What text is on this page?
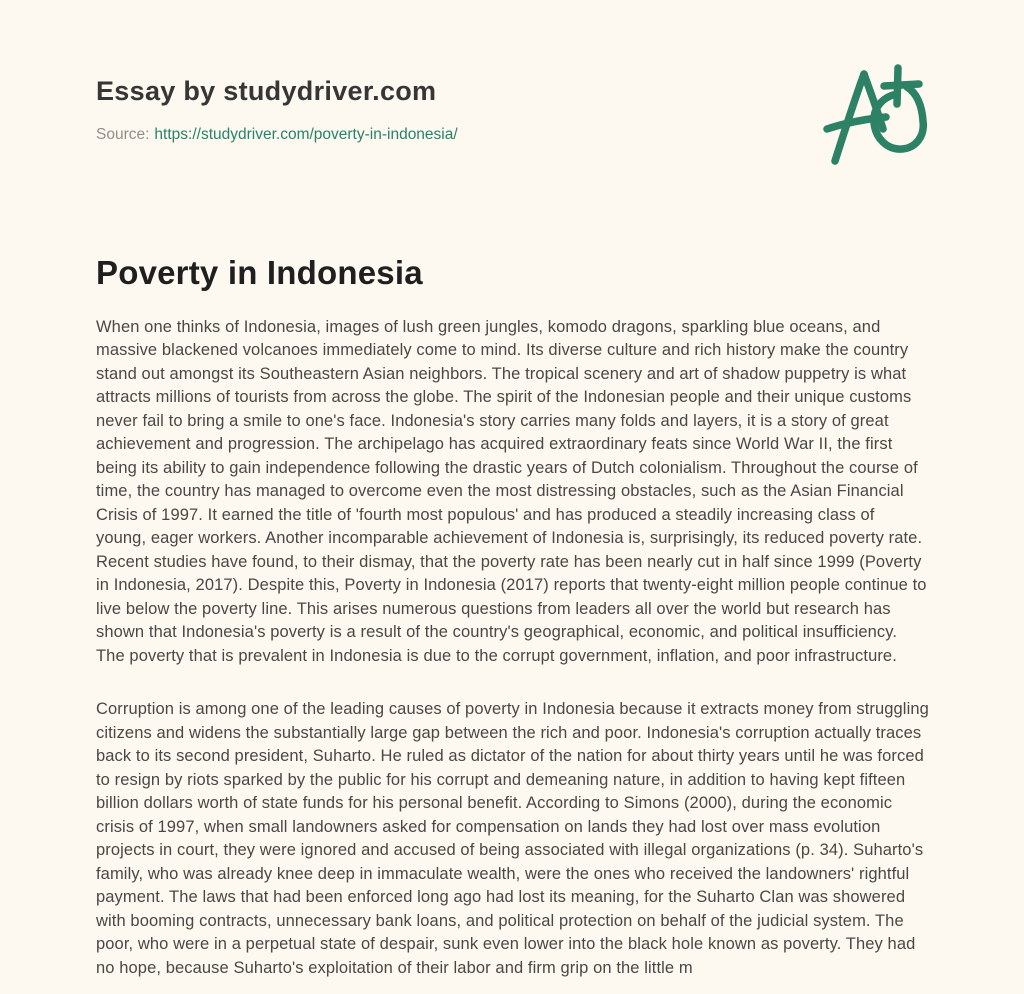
Essay by studydriver.com
Source: https://studydriver.com/poverty-in-indonesia/
Poverty in Indonesia

When one thinks of Indonesia, images of lush green jungles, komodo dragons, sparkling blue oceans, and massive blackened volcanoes immediately come to mind. Its diverse culture and rich history make the country stand out amongst its Southeastern Asian neighbors. The tropical scenery and art of shadow puppetry is what attracts millions of tourists from across the globe. The spirit of the Indonesian people and their unique customs never fail to bring a smile to one's face. Indonesia's story carries many folds and layers, it is a story of great achievement and progression. The archipelago has acquired extraordinary feats since World War II, the first being its ability to gain independence following the drastic years of Dutch colonialism. Throughout the course of time, the country has managed to overcome even the most distressing obstacles, such as the Asian Financial Crisis of 1997. It earned the title of 'fourth most populous' and has produced a steadily increasing class of young, eager workers. Another incomparable achievement of Indonesia is, surprisingly, its reduced poverty rate. Recent studies have found, to their dismay, that the poverty rate has been nearly cut in half since 1999 (Poverty in Indonesia, 2017). Despite this, Poverty in Indonesia (2017) reports that twenty-eight million people continue to live below the poverty line. This arises numerous questions from leaders all over the world but research has shown that Indonesia's poverty is a result of the country's geographical, economic, and political insufficiency. The poverty that is prevalent in Indonesia is due to the corrupt government, inflation, and poor infrastructure.

Corruption is among one of the leading causes of poverty in Indonesia because it extracts money from struggling citizens and widens the substantially large gap between the rich and poor. Indonesia's corruption actually traces back to its second president, Suharto. He ruled as dictator of the nation for about thirty years until he was forced to resign by riots sparked by the public for his corrupt and demeaning nature, in addition to having kept fifteen billion dollars worth of state funds for his personal benefit. According to Simons (2000), during the economic crisis of 1997, when small landowners asked for compensation on lands they had lost over mass evolution projects in court, they were ignored and accused of being associated with illegal organizations (p. 34). Suharto's family, who was already knee deep in immaculate wealth, were the ones who received the landowners' rightful payment. The laws that had been enforced long ago had lost its meaning, for the Suharto Clan was showered with booming contracts, unnecessary bank loans, and political protection on behalf of the judicial system. The poor, who were in a perpetual state of despair, sunk even lower into the black hole known as poverty. They had no hope, because Suharto's exploitation of their labor and firm grip on the little m
